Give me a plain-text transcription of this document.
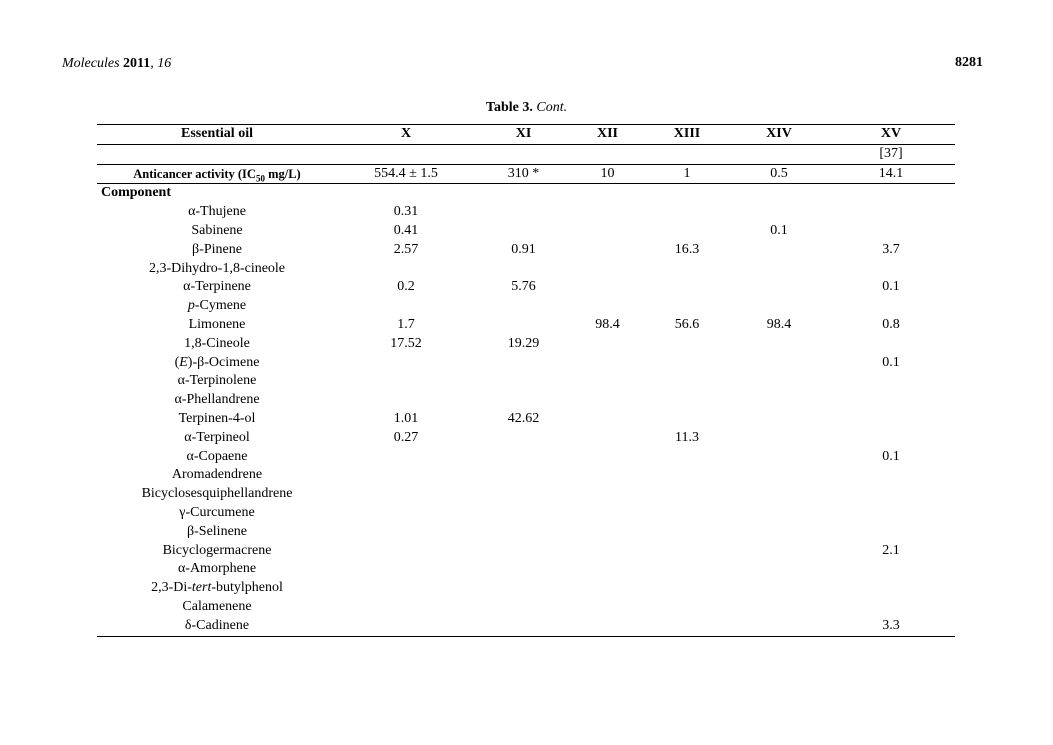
Molecules 2011, 16	8281
Table 3. Cont.
Essential oil	X	XI	XII	XIII	XIV	XV
						[37]
Anticancer activity ($IC_{50}$ mg/L)	554.4 ± 1.5	310 *	10	1	0.5	14.1
Component						
α-Thujene	0.31					
Sabinene	0.41				0.1	
β-Pinene	2.57	0.91		16.3		3.7
2,3-Dihydro-1,8-cineole						
α-Terpinene	0.2	5.76				0.1
p-Cymene						
Limonene	1.7		98.4	56.6	98.4	0.8
1,8-Cineole	17.52	19.29				
(E)-β-Ocimene						0.1
α-Terpinolene						
α-Phellandrene						
Terpinen-4-ol	1.01	42.62				
α-Terpineol	0.27			11.3		
α-Copaene						0.1
Aromadendrene						
Bicyclosesquiphellandrene						
γ-Curcumene						
β-Selinene						
Bicyclogermacrene						2.1
α-Amorphene						
2,3-Di-tert-butylphenol						
Calamenene						
δ-Cadinene						3.3
